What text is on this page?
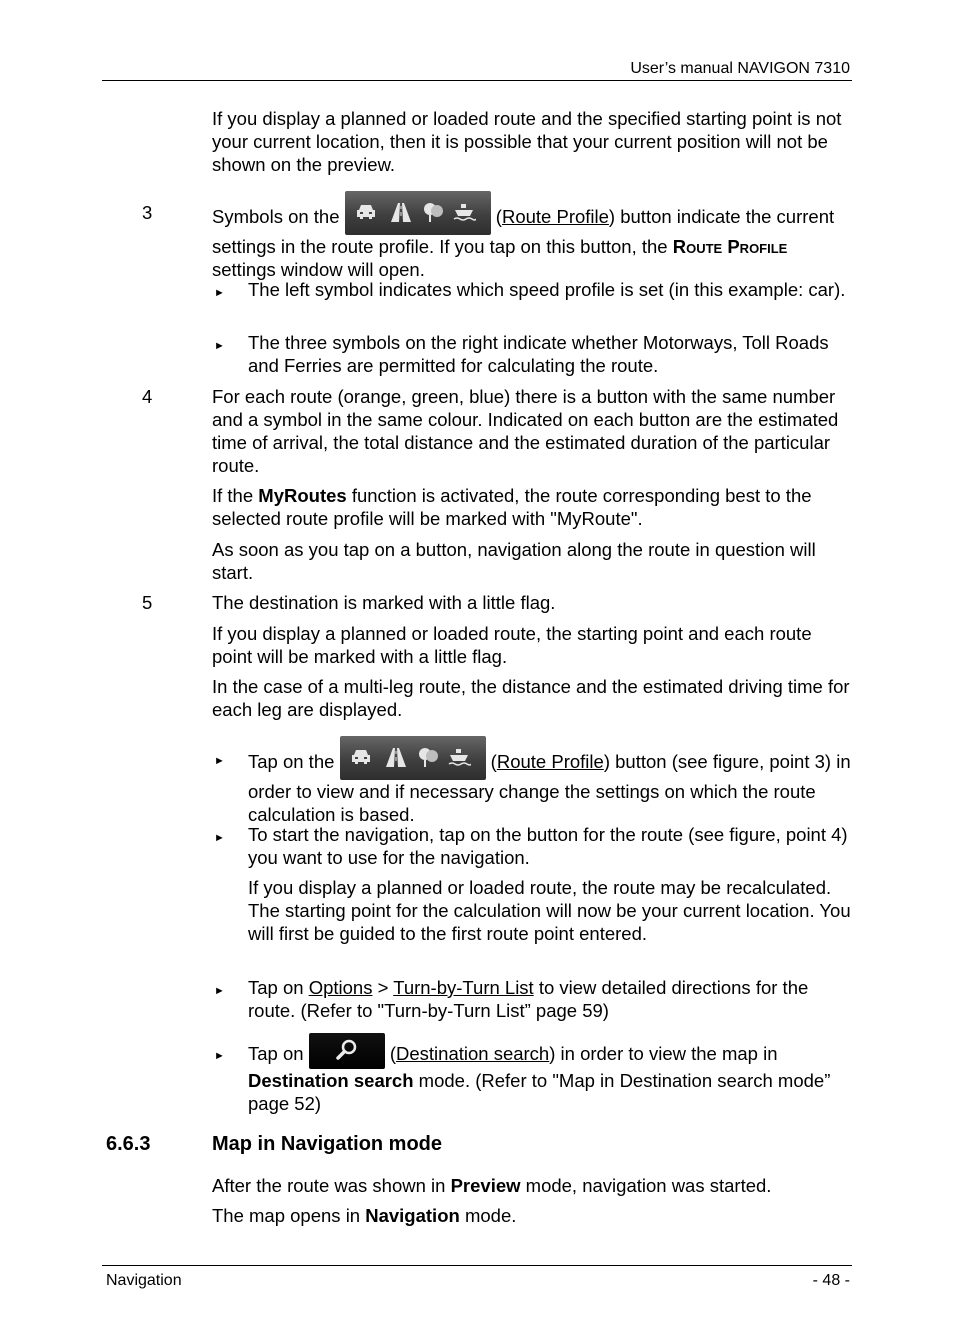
User’s manual NAVIGON 7310
If you display a planned or loaded route and the specified starting point is not your current location, then it is possible that your current position will not be shown on the preview.
3	Symbols on the	(Route Profile) button indicate the current settings in the route profile. If you tap on this button, the Route Profile settings window will open.
► The left symbol indicates which speed profile is set (in this example: car).
► The three symbols on the right indicate whether Motorways, Toll Roads and Ferries are permitted for calculating the route.
4	For each route (orange, green, blue) there is a button with the same number and a symbol in the same colour. Indicated on each button are the estimated time of arrival, the total distance and the estimated duration of the particular route.
If the MyRoutes function is activated, the route corresponding best to the selected route profile will be marked with "MyRoute".
As soon as you tap on a button, navigation along the route in question will start.
5	The destination is marked with a little flag.
If you display a planned or loaded route, the starting point and each route point will be marked with a little flag.
In the case of a multi-leg route, the distance and the estimated driving time for each leg are displayed.
► Tap on the	(Route Profile) button (see figure, point 3) in order to view and if necessary change the settings on which the route calculation is based.
► To start the navigation, tap on the button for the route (see figure, point 4) you want to use for the navigation.
If you display a planned or loaded route, the route may be recalculated. The starting point for the calculation will now be your current location. You will first be guided to the first route point entered.
► Tap on Options > Turn-by-Turn List to view detailed directions for the route. (Refer to "Turn-by-Turn List” page 59)
► Tap on	(Destination search) in order to view the map in Destination search mode. (Refer to "Map in Destination search mode” page 52)
6.6.3	Map in Navigation mode
After the route was shown in Preview mode, navigation was started.
The map opens in Navigation mode.
Navigation	- 48 -
